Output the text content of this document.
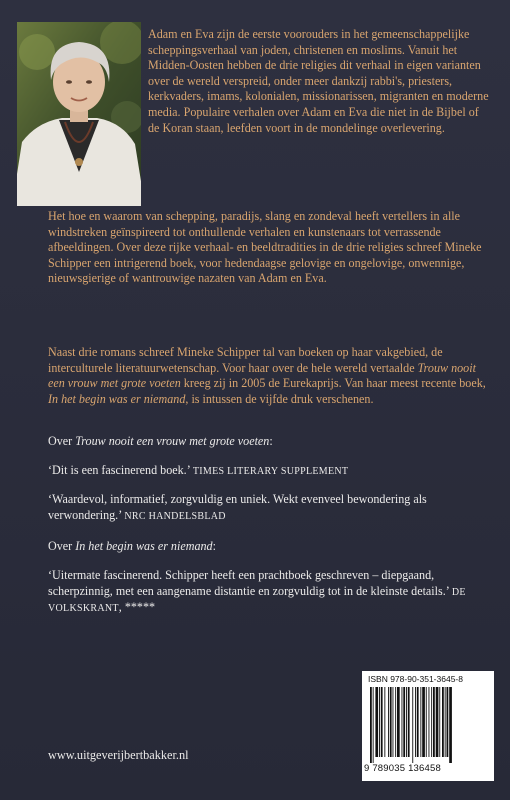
Adam en Eva zijn de eerste voorouders in het gemeenschappelijke scheppingsverhaal van joden, christenen en moslims. Vanuit het Midden-Oosten hebben de drie religies dit verhaal in eigen varianten over de wereld verspreid, onder meer dankzij rabbi's, priesters, kerkvaders, imams, kolonialen, missionarissen, migranten en moderne media. Populaire verhalen over Adam en Eva die niet in de Bijbel of de Koran staan, leefden voort in de mondelinge overlevering.

Het hoe en waarom van schepping, paradijs, slang en zondeval heeft vertellers in alle windstreken geïnspireerd tot onthullende verhalen en kunstenaars tot verrassende afbeeldingen. Over deze rijke verhaal- en beeldtradities in de drie religies schreef Mineke Schipper een intrigerend boek, voor hedendaagse gelovige en ongelovige, onwennige, nieuwsgierige of wantrouwige nazaten van Adam en Eva.

Naast drie romans schreef Mineke Schipper tal van boeken op haar vakgebied, de interculturele literatuurwetenschap. Voor haar over de hele wereld vertaalde Trouw nooit een vrouw met grote voeten kreeg zij in 2005 de Eurekaprijs. Van haar meest recente boek, In het begin was er niemand, is intussen de vijfde druk verschenen.

Over Trouw nooit een vrouw met grote voeten:

‘Dit is een fascinerend boek.’ TIMES LITERARY SUPPLEMENT

‘Waardevol, informatief, zorgvuldig en uniek. Wekt evenveel bewondering als verwondering.’ NRC HANDELSBLAD

Over In het begin was er niemand:

‘Uitermate fascinerend. Schipper heeft een prachtboek geschreven – diepgaand, scherpzinnig, met een aangename distantie en zorgvuldig tot in de kleinste details.’ DE VOLKSKRANT, *****

ISBN 978-90-351-3645-8
9 789035 136458
www.uitgeverijbertbakker.nl
